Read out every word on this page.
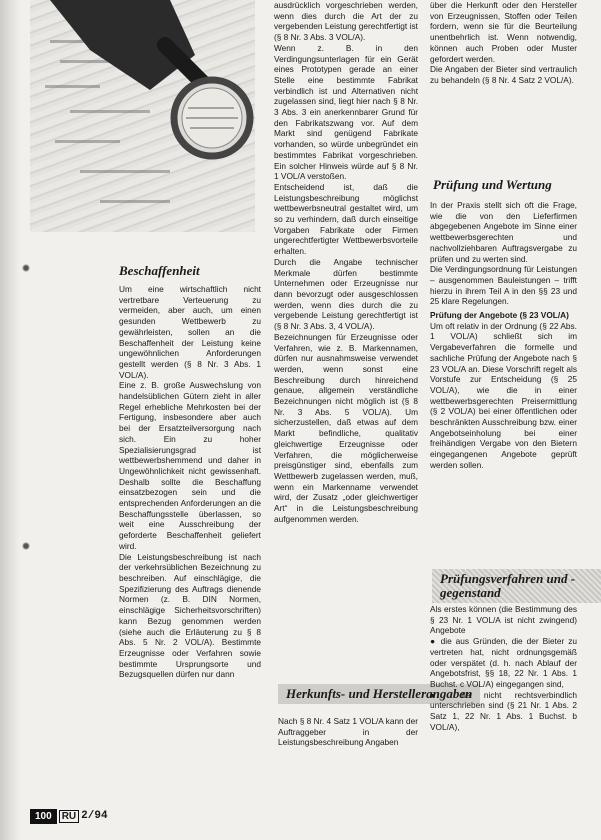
Beschaffenheit

Um eine wirtschaftlich nicht vertretbare Verteuerung zu vermeiden, aber auch, um einen gesunden Wettbewerb zu gewährleisten, sollen an die Beschaffenheit der Leistung keine ungewöhnlichen Anforderungen gestellt werden (§ 8 Nr. 3 Abs. 1 VOL/A).

Eine z. B. große Auswechslung von handelsüblichen Gütern zieht in aller Regel erhebliche Mehrkosten bei der Fertigung, insbesondere aber auch bei der Ersatzteilversorgung nach sich. Ein zu hoher Spezialisierungsgrad ist wettbewerbshemmend und daher in Ungewöhnlichkeit nicht gewissenhaft. Deshalb sollte die Beschaffung einsatzbezogen sein und die entsprechenden Anforderungen an die Beschaffungsstelle überlassen, so weit eine Ausschreibung der geforderte Beschaffenheit geliefert wird.

Die Leistungsbeschreibung ist nach der verkehrsüblichen Bezeichnung zu beschreiben. Auf einschlägige, die Spezifizierung des Auftrags dienende Normen (z. B. DIN Normen, einschlägige Sicherheitsvorschriften) kann Bezug genommen werden (siehe auch die Erläuterung zu § 8 Abs. 5 Nr. 2 VOL/A). Bestimmte Erzeugnisse oder Verfahren sowie bestimmte Ursprungsorte und Bezugsquellen dürfen nur dann

ausdrücklich vorgeschrieben werden, wenn dies durch die Art der zu vergebenden Leistung gerechtfertigt ist (§ 8 Nr. 3 Abs. 3 VOL/A).

Wenn z. B. in den Verdingungsunterlagen für ein Gerät eines Prototypen gerade an einer Stelle eine bestimmte Fabrikat verbindlich ist und Alternativen nicht zugelassen sind, liegt hier nach § 8 Nr. 3 Abs. 3 ein anerkennbarer Grund für den Fabrikatszwang vor. Auf dem Markt sind genügend Fabrikate vorhanden, so würde unbegründet ein bestimmtes Fabrikat vorgeschrieben. Ein solcher Hinweis würde auf § 8 Nr. 1 VOL/A verstoßen.

Entscheidend ist, daß die Leistungsbeschreibung möglichst wettbewerbsneutral gestaltet wird, um so zu verhindern, daß durch einseitige Vorgaben Fabrikate oder Firmen ungerechtfertigter Wettbewerbsvorteile erhalten.

Durch die Angabe technischer Merkmale dürfen bestimmte Unternehmen oder Erzeugnisse nur dann bevorzugt oder ausgeschlossen werden, wenn dies durch die zu vergebende Leistung gerechtfertigt ist (§ 8 Nr. 3 Abs. 3, 4 VOL/A).

Bezeichnungen für Erzeugnisse oder Verfahren, wie z. B. Markennamen, dürfen nur ausnahmsweise verwendet werden, wenn sonst eine Beschreibung durch hinreichend genaue, allgemein verständliche Bezeichnungen nicht möglich ist (§ 8 Nr. 3 Abs. 5 VOL/A). Um sicherzustellen, daß etwas auf dem Markt befindliche, qualitativ gleichwertige Erzeugnisse oder Verfahren, die möglicherweise preisgünstiger sind, ebenfalls zum Wettbewerb zugelassen werden, muß, wenn ein Markenname verwendet wird, der Zusatz „oder gleichwertiger Art“ in die Leistungsbeschreibung aufgenommen werden.

Herkunfts- und Herstellerangaben

Nach § 8 Nr. 4 Satz 1 VOL/A kann der Auftraggeber in der Leistungsbeschreibung Angaben

über die Herkunft oder den Hersteller von Erzeugnissen, Stoffen oder Teilen fordern, wenn sie für die Beurteilung unentbehrlich ist. Wenn notwendig, können auch Proben oder Muster gefordert werden.

Die Angaben der Bieter sind vertraulich zu behandeln (§ 8 Nr. 4 Satz 2 VOL/A).

Prüfung und Wertung

In der Praxis stellt sich oft die Frage, wie die von den Lieferfirmen abgegebenen Angebote im Sinne einer wettbewerbsgerechten und nachvollziehbaren Auftragsvergabe zu prüfen und zu werten sind.

Die Verdingungsordnung für Leistungen – ausgenommen Bauleistungen – trifft hierzu in ihrem Teil A in den §§ 23 und 25 klare Regelungen.

Prüfung der Angebote (§ 23 VOL/A)

Um oft relativ in der Ordnung (§ 22 Abs. 1 VOL/A) schließt sich im Vergabeverfahren die formelle und sachliche Prüfung der Angebote nach § 23 VOL/A an. Diese Vorschrift regelt als Vorstufe zur Entscheidung (§ 25 VOL/A), wie die in einer wettbewerbsgerechten Preisermittlung (§ 2 VOL/A) bei einer öffentlichen oder beschränkten Ausschreibung bzw. einer Angebotseinholung bei einer freihändigen Vergabe von den Bietern eingegangenen Angebote geprüft werden sollen.

Prüfungsverfahren und -gegenstand

Als erstes können (die Bestimmung des § 23 Nr. 1 VOL/A ist nicht zwingend) Angebote

● die aus Gründen, die der Bieter zu vertreten hat, nicht ordnungsgemäß oder verspätet (d. h. nach Ablauf der Angebotsfrist, §§ 18, 22 Nr. 1 Abs. 1 Buchst. c VOL/A) eingegangen sind,

● die nicht rechtsverbindlich unterschrieben sind (§ 21 Nr. 1 Abs. 2 Satz 1, 22 Nr. 1 Abs. 1 Buchst. b VOL/A),

100	RU 2/94
